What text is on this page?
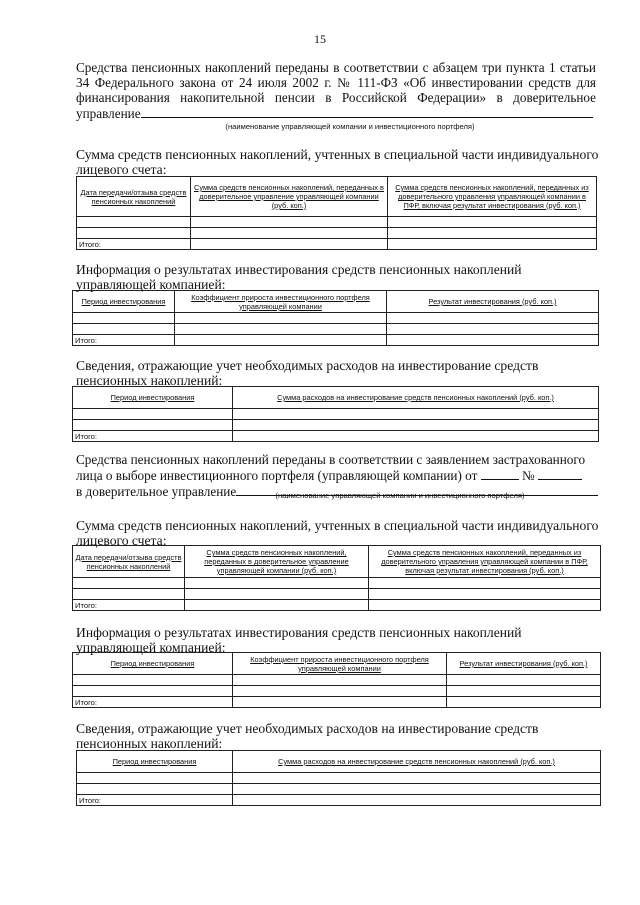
15
Средства пенсионных накоплений переданы в соответствии с абзацем три пункта 1 статьи 34 Федерального закона от 24 июля 2002 г. № 111-ФЗ «Об инвестировании средств для финансирования накопительной пенсии в Российской Федерации» в доверительное управление
(наименование управляющей компании и инвестиционного портфеля)
Сумма средств пенсионных накоплений, учтенных в специальной части индивидуального лицевого счета:
Дата передачи/отзыва средств пенсионных накоплений	Сумма средств пенсионных накоплений, переданных в доверительное управление управляющей компании (руб. коп.)	Сумма средств пенсионных накоплений, переданных из доверительного управления управляющей компании в ПФР, включая результат инвестирования (руб. коп.)

Итого:		
Информация о результатах инвестирования средств пенсионных накоплений управляющей компанией:
Период инвестирования	Коэффициент прироста инвестиционного портфеля управляющей компании	Результат инвестирования (руб. коп.)

Итого:		
Сведения, отражающие учет необходимых расходов на инвестирование средств пенсионных накоплений:
Период инвестирования	Сумма расходов на инвестирование средств пенсионных накоплений (руб. коп.)

Итого:	
Средства пенсионных накоплений переданы в соответствии с заявлением застрахованного
лица о выборе инвестиционного портфеля (управляющей компании) от	№
в доверительное управление	(наименование управляющей компании и инвестиционного портфеля)
Сумма средств пенсионных накоплений, учтенных в специальной части индивидуального лицевого счета:
Дата передачи/отзыва средств пенсионных накоплений	Сумма средств пенсионных накоплений, переданных в доверительное управление управляющей компании (руб. коп.)	Сумма средств пенсионных накоплений, переданных из доверительного управления управляющей компании в ПФР, включая результат инвестирования (руб. коп.)

Итого:		
Информация о результатах инвестирования средств пенсионных накоплений управляющей компанией:
Период инвестирования	Коэффициент прироста инвестиционного портфеля управляющей компании	Результат инвестирования (руб. коп.)

Итого:		
Сведения, отражающие учет необходимых расходов на инвестирование средств пенсионных накоплений:
Период инвестирования	Сумма расходов на инвестирование средств пенсионных накоплений (руб. коп.)

Итого:	
